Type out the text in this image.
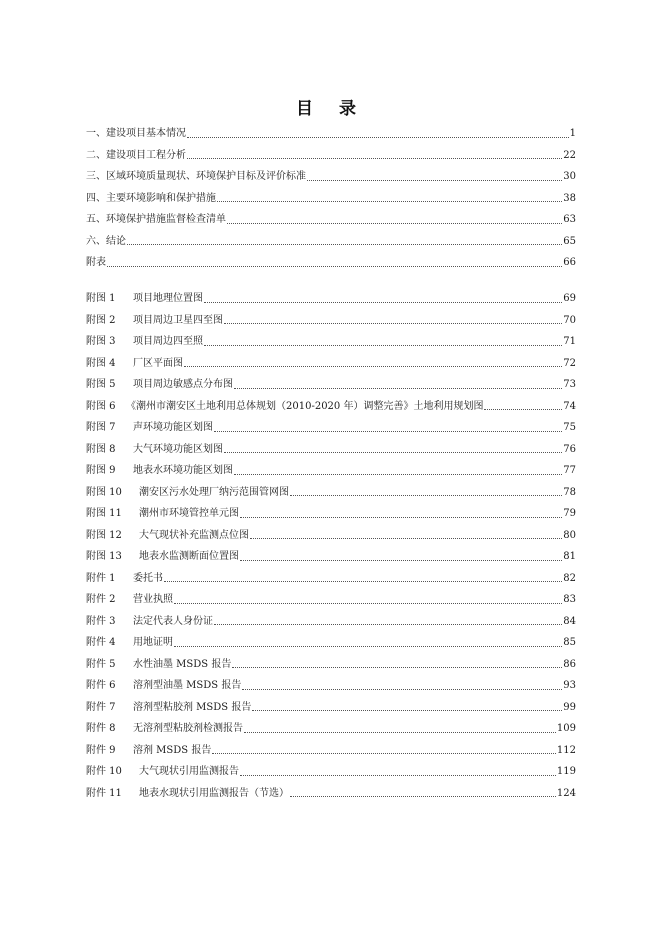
目 录
一、建设项目基本情况	1
二、建设项目工程分析	22
三、区域环境质量现状、环境保护目标及评价标准	30
四、主要环境影响和保护措施	38
五、环境保护措施监督检查清单	63
六、结论	65
附表	66
附图 1 项目地理位置图	69
附图 2 项目周边卫星四至图	70
附图 3 项目周边四至照	71
附图 4 厂区平面图	72
附图 5 项目周边敏感点分布图	73
附图 6 《潮州市潮安区土地利用总体规划（2010-2020 年）调整完善》土地利用规划图	74
附图 7 声环境功能区划图	75
附图 8 大气环境功能区划图	76
附图 9 地表水环境功能区划图	77
附图 10 潮安区污水处理厂纳污范围管网图	78
附图 11 潮州市环境管控单元图	79
附图 12 大气现状补充监测点位图	80
附图 13 地表水监测断面位置图	81
附件 1 委托书	82
附件 2 营业执照	83
附件 3 法定代表人身份证	84
附件 4 用地证明	85
附件 5 水性油墨 MSDS 报告	86
附件 6 溶剂型油墨 MSDS 报告	93
附件 7 溶剂型粘胶剂 MSDS 报告	99
附件 8 无溶剂型粘胶剂检测报告	109
附件 9 溶剂 MSDS 报告	112
附件 10 大气现状引用监测报告	119
附件 11 地表水现状引用监测报告（节选）	124
